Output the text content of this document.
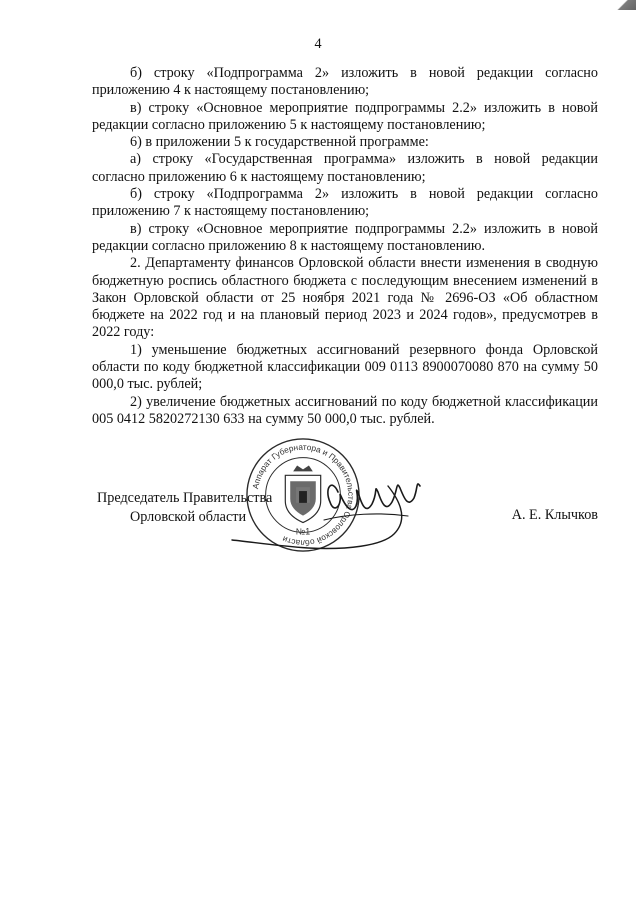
4

б) строку «Подпрограмма 2» изложить в новой редакции согласно приложению 4 к настоящему постановлению;

в) строку «Основное мероприятие подпрограммы 2.2» изложить в новой редакции согласно приложению 5 к настоящему постановлению;

6) в приложении 5 к государственной программе:

а) строку «Государственная программа» изложить в новой редакции согласно приложению 6 к настоящему постановлению;

б) строку «Подпрограмма 2» изложить в новой редакции согласно приложению 7 к настоящему постановлению;

в) строку «Основное мероприятие подпрограммы 2.2» изложить в новой редакции согласно приложению 8 к настоящему постановлению.

2. Департаменту финансов Орловской области внести изменения в сводную бюджетную роспись областного бюджета с последующим внесением изменений в Закон Орловской области от 25 ноября 2021 года № 2696-ОЗ «Об областном бюджете на 2022 год и на плановый период 2023 и 2024 годов», предусмотрев в 2022 году:

1) уменьшение бюджетных ассигнований резервного фонда Орловской области по коду бюджетной классификации 009 0113 8900070080 870 на сумму 50 000,0 тыс. рублей;

2) увеличение бюджетных ассигнований по коду бюджетной классификации 005 0412 5820272130 633 на сумму 50 000,0 тыс. рублей.

Аппарат Губернатора и Правительства Орловской области
№1
Председатель Правительства
Орловской области	А. Е. Клычков
